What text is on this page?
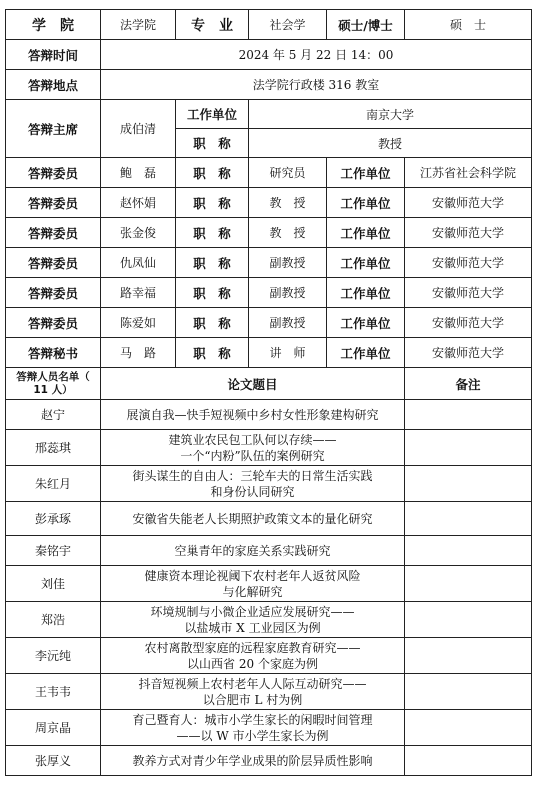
学　院	法学院	专　业	社会学	硕士/博士	硕　士
答辩时间	2024 年 5 月 22 日 14：00				
答辩地点	法学院行政楼 316 教室				
答辩主席	成伯清	工作单位	南京大学		
		职　称	教授		
答辩委员	鲍　磊	职　称	研究员	工作单位	江苏省社会科学院
答辩委员	赵怀娟	职　称	教　授	工作单位	安徽师范大学
答辩委员	张金俊	职　称	教　授	工作单位	安徽师范大学
答辩委员	仇凤仙	职　称	副教授	工作单位	安徽师范大学
答辩委员	路幸福	职　称	副教授	工作单位	安徽师范大学
答辩委员	陈爱如	职　称	副教授	工作单位	安徽师范大学
答辩秘书	马　路	职　称	讲　师	工作单位	安徽师范大学
答辩人员名单（ 11 人）	论文题目				备注
赵宁	展演自我—快手短视频中乡村女性形象建构研究				
邢蕊琪	建筑业农民包工队何以存续——
一个“内粉”队伍的案例研究				
朱红月	街头谋生的自由人：三轮车夫的日常生活实践
和身份认同研究				
彭承琢	安徽省失能老人长期照护政策文本的量化研究				
秦铭宇	空巢青年的家庭关系实践研究				
刘佳	健康资本理论视阈下农村老年人返贫风险
与化解研究				
郑浩	环境规制与小微企业适应发展研究——
以盐城市 X 工业园区为例				
李沅纯	农村离散型家庭的远程家庭教育研究——
以山西省 20 个家庭为例				
王韦韦	抖音短视频上农村老年人人际互动研究——
以合肥市 L 村为例				
周京晶	育己暨育人：城市小学生家长的闲暇时间管理
——以 W 市小学生家长为例				
张厚义	教养方式对青少年学业成果的阶层异质性影响				
